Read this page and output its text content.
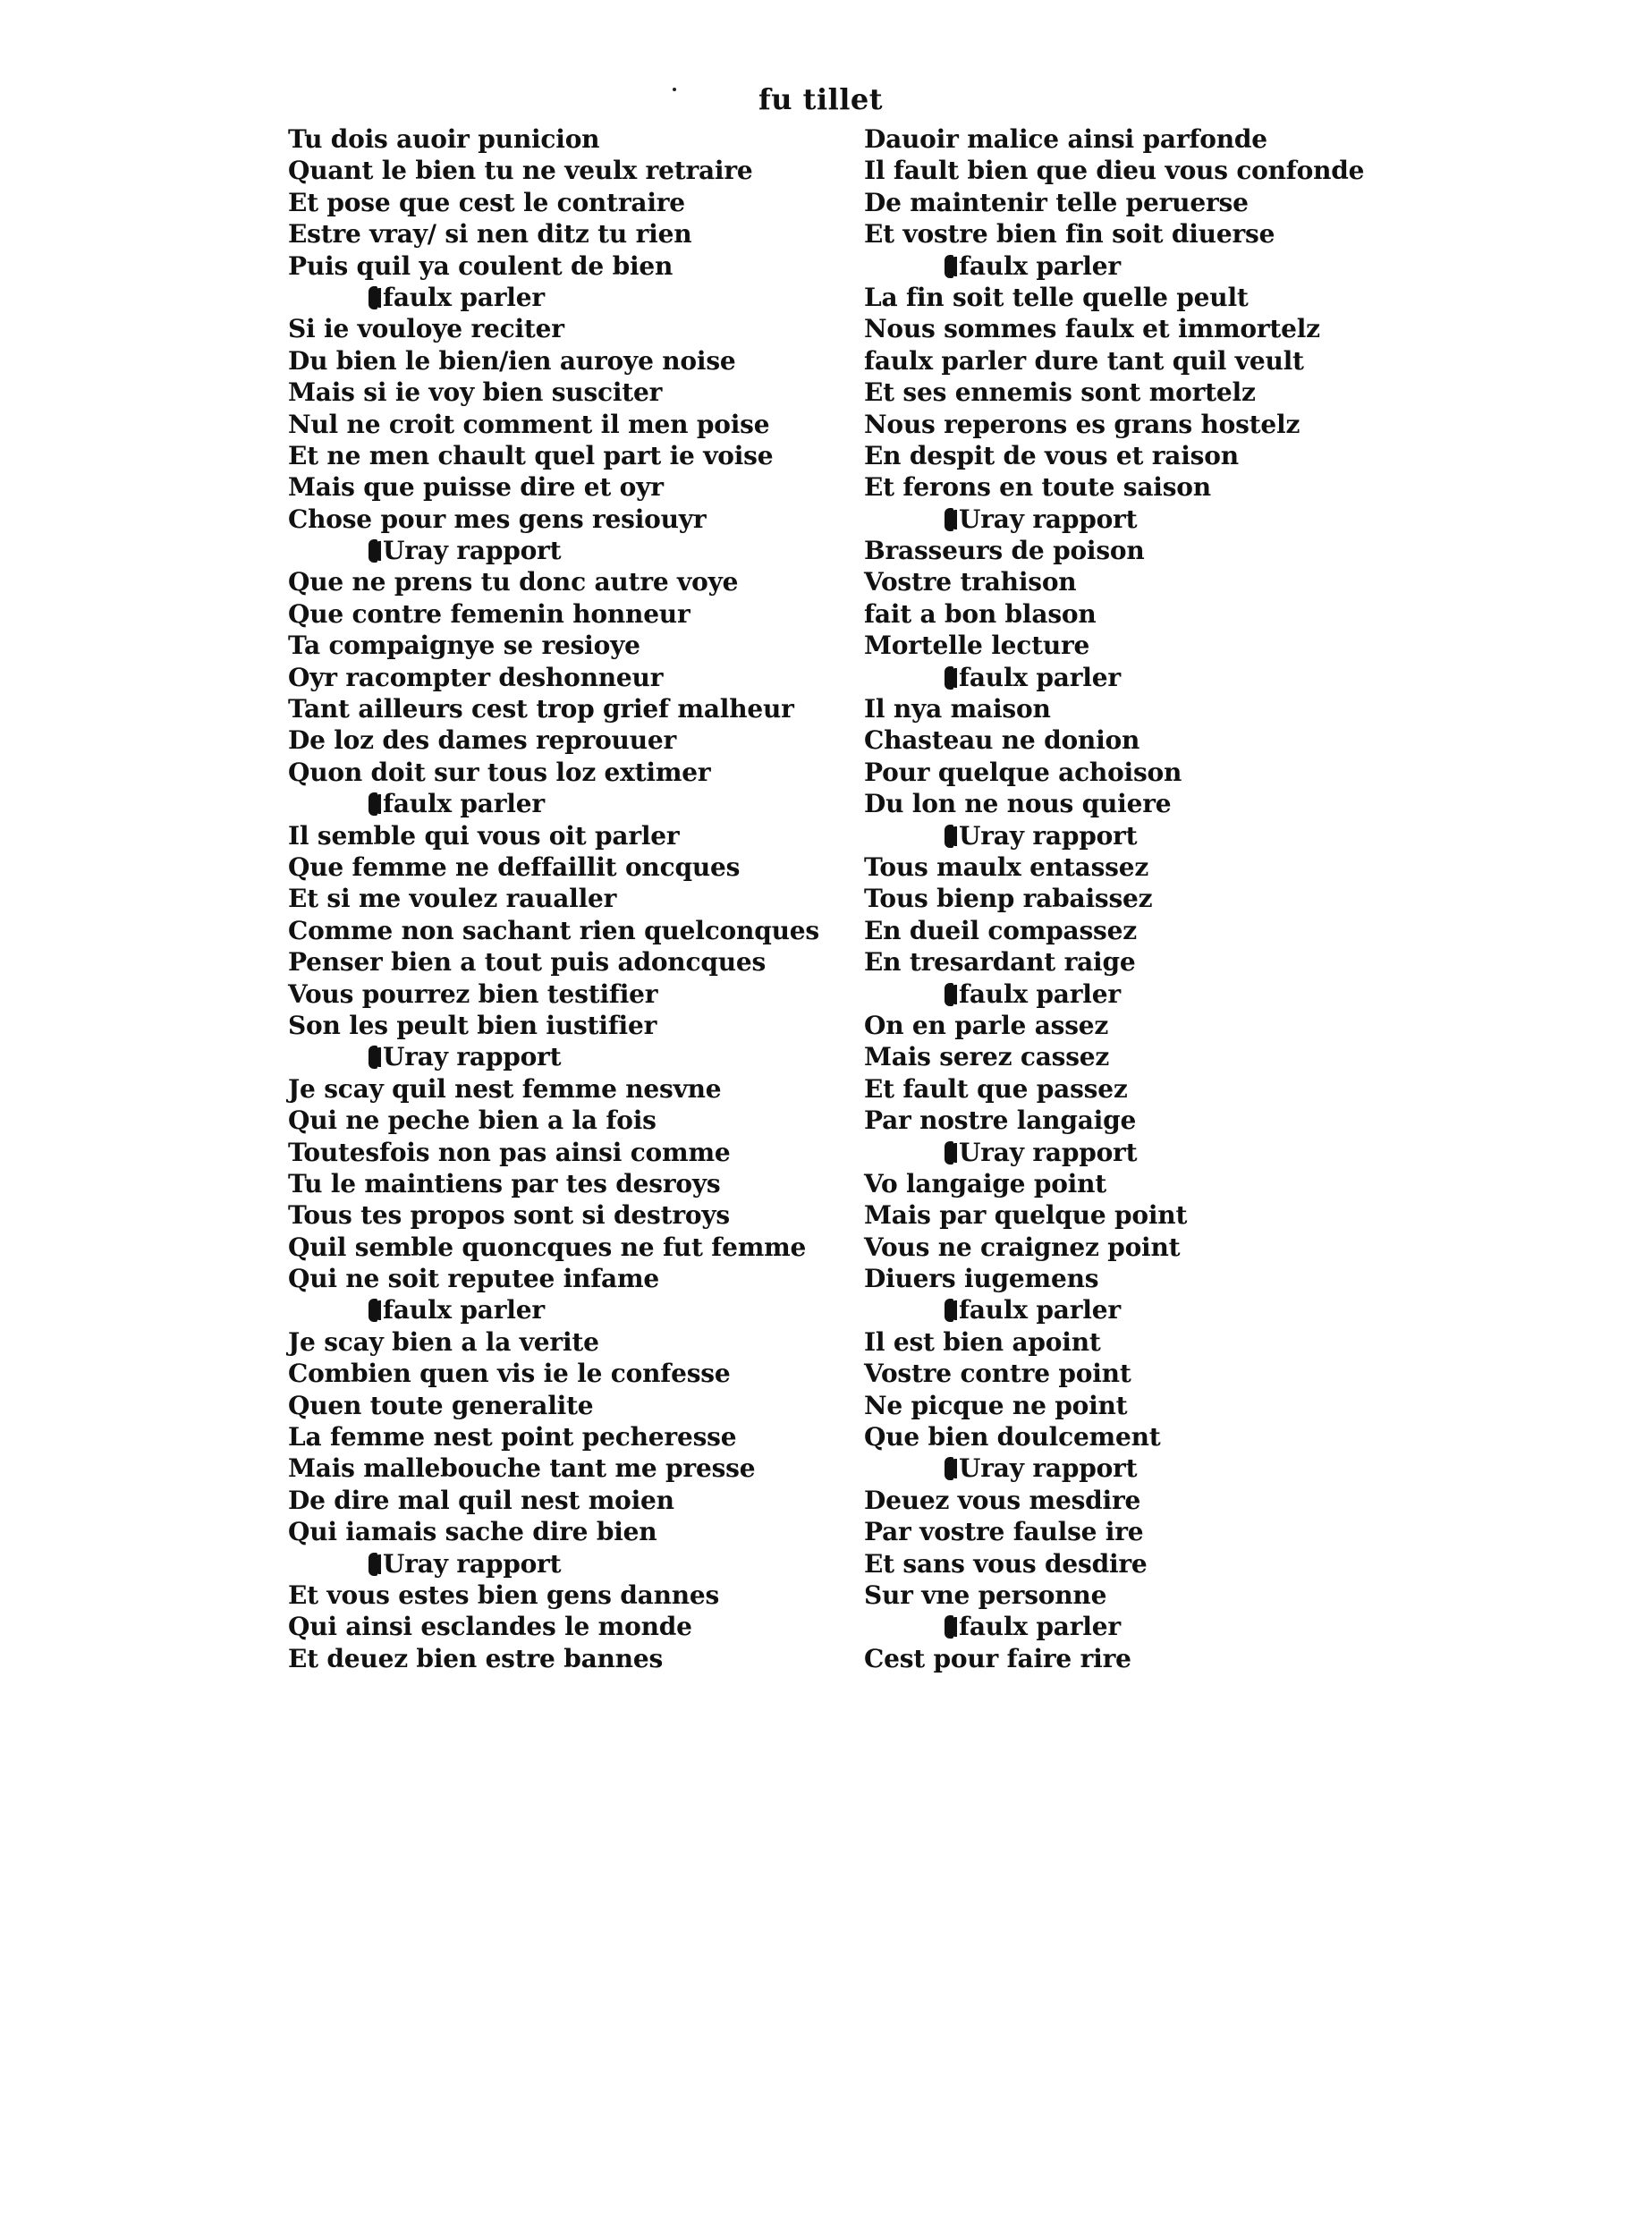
fu tillet
Tu dois auoir punicion
Quant le bien tu ne veulx retraire
Et pose que cest le contraire
Estre vray/ si nen ditz tu rien
Puis quil ya coulent de bien
faulx parler
Si ie vouloye reciter
Du bien le bien/ien auroye noise
Mais si ie voy bien susciter
Nul ne croit comment il men poise
Et ne men chault quel part ie voise
Mais que puisse dire et oyr
Chose pour mes gens resiouyr
Uray rapport
Que ne prens tu donc autre voye
Que contre femenin honneur
Ta compaignye se resioye
Oyr racompter deshonneur
Tant ailleurs cest trop grief malheur
De loz des dames reprouuer
Quon doit sur tous loz extimer
faulx parler
Il semble qui vous oit parler
Que femme ne deffaillit oncques
Et si me voulez raualler
Comme non sachant rien quelconques
Penser bien a tout puis adoncques
Vous pourrez bien testifier
Son les peult bien iustifier
Uray rapport
Je scay quil nest femme nesvne
Qui ne peche bien a la fois
Toutesfois non pas ainsi comme
Tu le maintiens par tes desroys
Tous tes propos sont si destroys
Quil semble quoncques ne fut femme
Qui ne soit reputee infame
faulx parler
Je scay bien a la verite
Combien quen vis ie le confesse
Quen toute generalite
La femme nest point pecheresse
Mais mallebouche tant me presse
De dire mal quil nest moien
Qui iamais sache dire bien
Uray rapport
Et vous estes bien gens dannes
Qui ainsi esclandes le monde
Et deuez bien estre bannes
Dauoir malice ainsi parfonde
Il fault bien que dieu vous confonde
De maintenir telle peruerse
Et vostre bien fin soit diuerse
faulx parler
La fin soit telle quelle peult
Nous sommes faulx et immortelz
faulx parler dure tant quil veult
Et ses ennemis sont mortelz
Nous reperons es grans hostelz
En despit de vous et raison
Et ferons en toute saison
Uray rapport
Brasseurs de poison
Vostre trahison
fait a bon blason
Mortelle lecture
faulx parler
Il nya maison
Chasteau ne donion
Pour quelque achoison
Du lon ne nous quiere
Uray rapport
Tous maulx entassez
Tous bienp rabaissez
En dueil compassez
En tresardant raige
faulx parler
On en parle assez
Mais serez cassez
Et fault que passez
Par nostre langaige
Uray rapport
Vo langaige point
Mais par quelque point
Vous ne craignez point
Diuers iugemens
faulx parler
Il est bien apoint
Vostre contre point
Ne picque ne point
Que bien doulcement
Uray rapport
Deuez vous mesdire
Par vostre faulse ire
Et sans vous desdire
Sur vne personne
faulx parler
Cest pour faire rire
